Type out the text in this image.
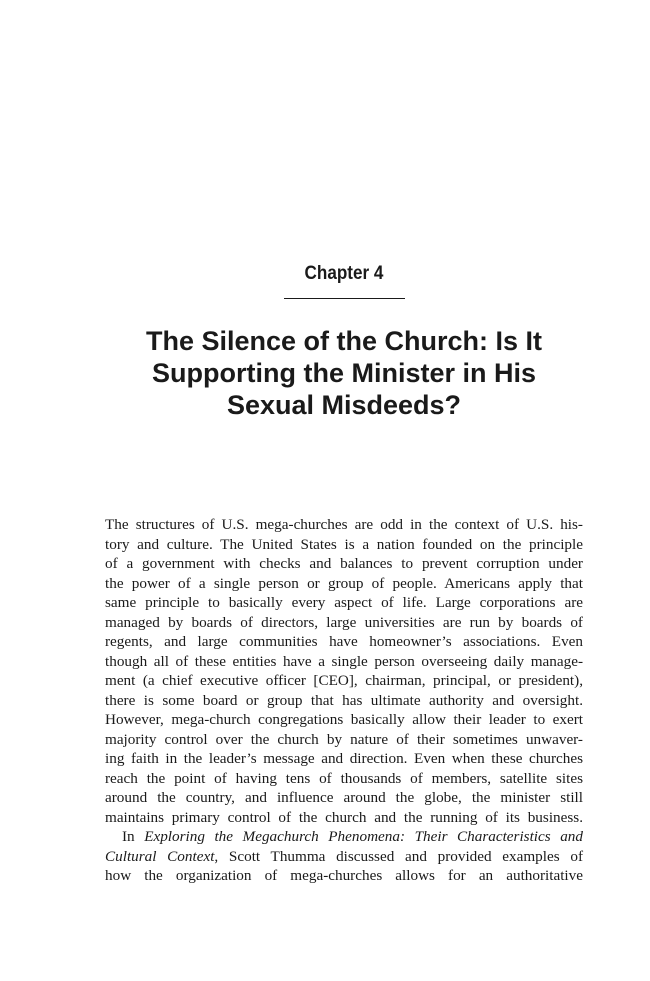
Chapter 4
The Silence of the Church: Is It
Supporting the Minister in His
Sexual Misdeeds?
The structures of U.S. mega-churches are odd in the context of U.S. his-
tory and culture. The United States is a nation founded on the principle
of a government with checks and balances to prevent corruption under
the power of a single person or group of people. Americans apply that
same principle to basically every aspect of life. Large corporations are
managed by boards of directors, large universities are run by boards of
regents, and large communities have homeowner’s associations. Even
though all of these entities have a single person overseeing daily manage-
ment (a chief executive officer [CEO], chairman, principal, or president),
there is some board or group that has ultimate authority and oversight.
However, mega-church congregations basically allow their leader to exert
majority control over the church by nature of their sometimes unwaver-
ing faith in the leader’s message and direction. Even when these churches
reach the point of having tens of thousands of members, satellite sites
around the country, and influence around the globe, the minister still
maintains primary control of the church and the running of its business.
In Exploring the Megachurch Phenomena: Their Characteristics and
Cultural Context, Scott Thumma discussed and provided examples of
how the organization of mega-churches allows for an authoritative
